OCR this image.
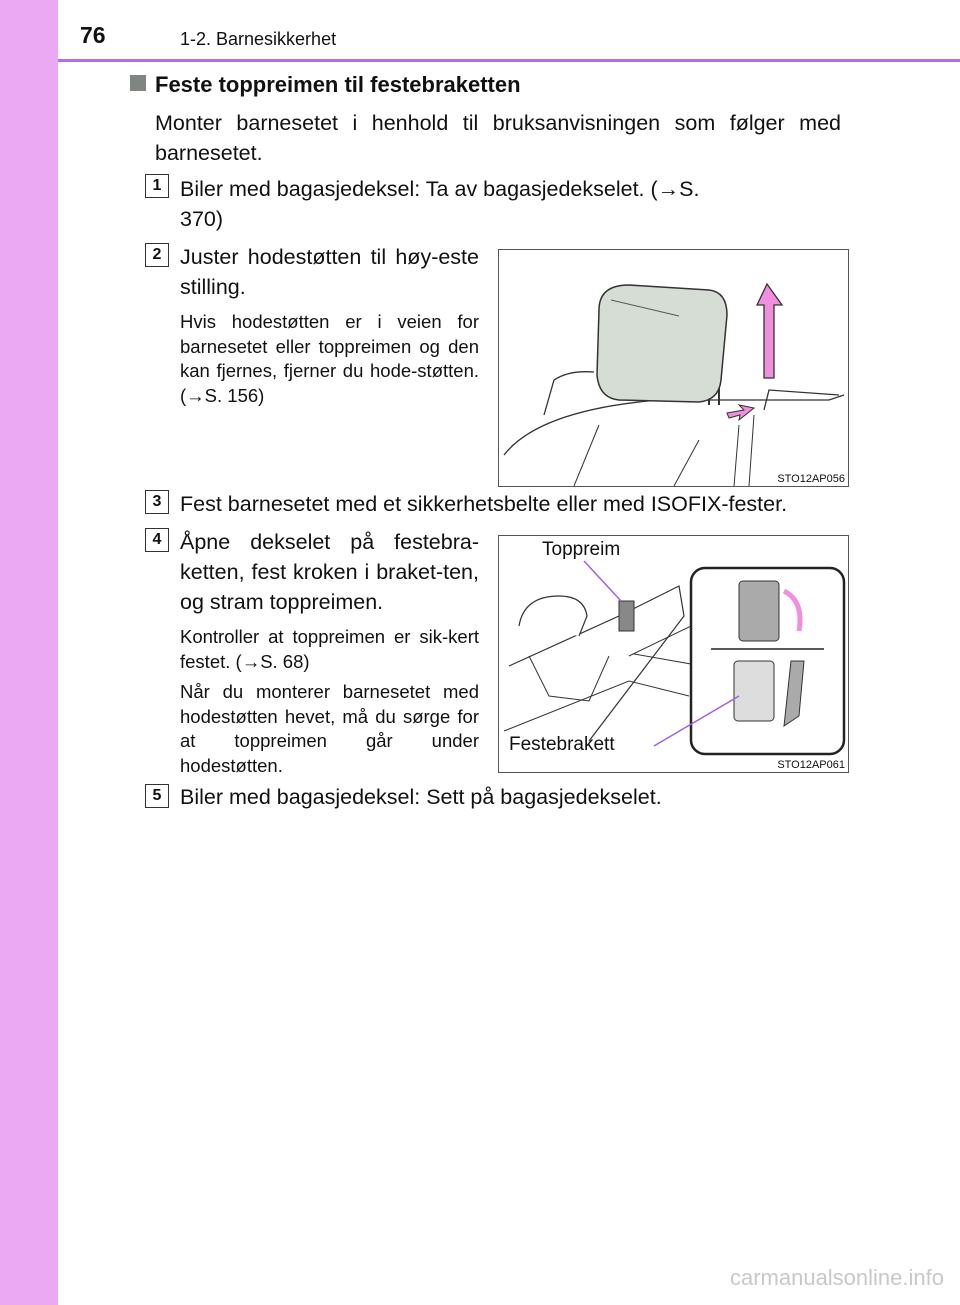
76	1-2. Barnesikkerhet
Feste toppreimen til festebraketten
Monter barnesetet i henhold til bruksanvisningen som følger med barnesetet.
1 Biler med bagasjedeksel: Ta av bagasjedekselet. (→S. 370)
2 Juster hodestøtten til høy-este stilling.
Hvis hodestøtten er i veien for barnesetet eller toppreimen og den kan fjernes, fjerner du hode-støtten. (→S. 156)
STO12AP056
3 Fest barnesetet med et sikkerhetsbelte eller med ISOFIX-fester.
4 Åpne dekselet på festebra-ketten, fest kroken i braket-ten, og stram toppreimen.
Kontroller at toppreimen er sik-kert festet. (→S. 68)
Når du monterer barnesetet med hodestøtten hevet, må du sørge for at toppreimen går under hodestøtten.
Toppreim
Festebrakett
STO12AP061
5 Biler med bagasjedeksel: Sett på bagasjedekselet.
carmanualsonline.info
